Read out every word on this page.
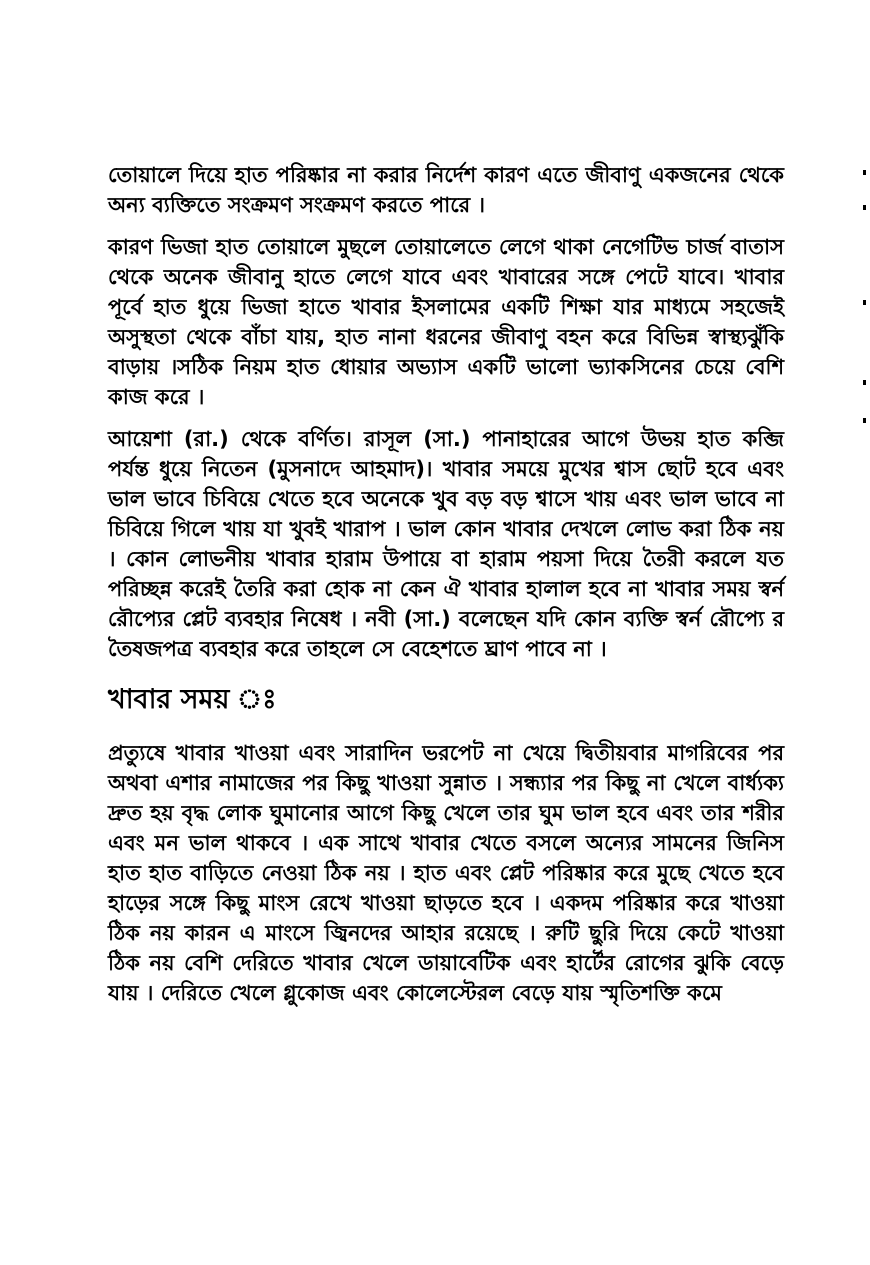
তোয়ালে দিয়ে হাত পরিষ্কার না করার নির্দেশ কারণ এতে জীবাণু একজনের থেকে অন্য ব্যক্তিতে সংক্রমণ সংক্রমণ করতে পারে ।

কারণ ভিজা হাত তোয়ালে মুছলে তোয়ালেতে লেগে থাকা নেগেটিভ চার্জ বাতাস থেকে অনেক জীবানু হাতে লেগে যাবে এবং খাবারের সঙ্গে পেটে যাবে। খাবার পূর্বে হাত ধুয়ে ভিজা হাতে খাবার ইসলামের একটি শিক্ষা যার মাধ্যমে সহজেই অসুস্থতা থেকে বাঁচা যায়, হাত নানা ধরনের জীবাণু বহন করে বিভিন্ন স্বাস্থ্যঝুঁকি বাড়ায় ।সঠিক নিয়ম হাত ধোয়ার অভ্যাস একটি ভালো ভ্যাকসিনের চেয়ে বেশি কাজ করে ।

আয়েশা (রা.) থেকে বর্ণিত। রাসূল (সা.) পানাহারের আগে উভয় হাত কব্জি পর্যন্ত ধুয়ে নিতেন (মুসনাদে আহমাদ)। খাবার সময়ে মুখের শ্বাস ছোট হবে এবং ভাল ভাবে চিবিয়ে খেতে হবে অনেকে খুব বড় বড় শ্বাসে খায় এবং ভাল ভাবে না চিবিয়ে গিলে খায় যা খুবই খারাপ । ভাল কোন খাবার দেখলে লোভ করা ঠিক নয় । কোন লোভনীয় খাবার হারাম উপায়ে বা হারাম পয়সা দিয়ে তৈরী করলে যত পরিচ্ছন্ন করেই তৈরি করা হোক না কেন ঐ খাবার হালাল হবে না খাবার সময় স্বর্ন রৌপ্যের প্লেট ব্যবহার নিষেধ । নবী (সা.) বলেছেন যদি কোন ব্যক্তি স্বর্ন রৌপ্যে র তৈষজপত্র ব্যবহার করে তাহলে সে বেহেশতে ঘ্রাণ পাবে না ।

খাবার সময় ঃ

প্রত্যুষে খাবার খাওয়া এবং সারাদিন ভরপেট না খেয়ে দ্বিতীয়বার মাগরিবের পর অথবা এশার নামাজের পর কিছু খাওয়া সুন্নাত । সন্ধ্যার পর কিছু না খেলে বার্ধ্যক্য দ্রুত হয় বৃদ্ধ লোক ঘুমানোর আগে কিছু খেলে তার ঘুম ভাল হবে এবং তার শরীর এবং মন ভাল থাকবে । এক সাথে খাবার খেতে বসলে অন্যের সামনের জিনিস হাত হাত বাড়িতে নেওয়া ঠিক নয় । হাত এবং প্লেট পরিষ্কার করে মুছে খেতে হবে হাড়ের সঙ্গে কিছু মাংস রেখে খাওয়া ছাড়তে হবে । একদম পরিষ্কার করে খাওয়া ঠিক নয় কারন এ মাংসে জ্বিনদের আহার রয়েছে । রুটি ছুরি দিয়ে কেটে খাওয়া ঠিক নয় বেশি দেরিতে খাবার খেলে ডায়াবেটিক এবং হার্টের রোগের ঝুকি বেড়ে যায় । দেরিতে খেলে গ্লুকোজ এবং কোলেস্টেরল বেড়ে যায় স্মৃতিশক্তি কমে
